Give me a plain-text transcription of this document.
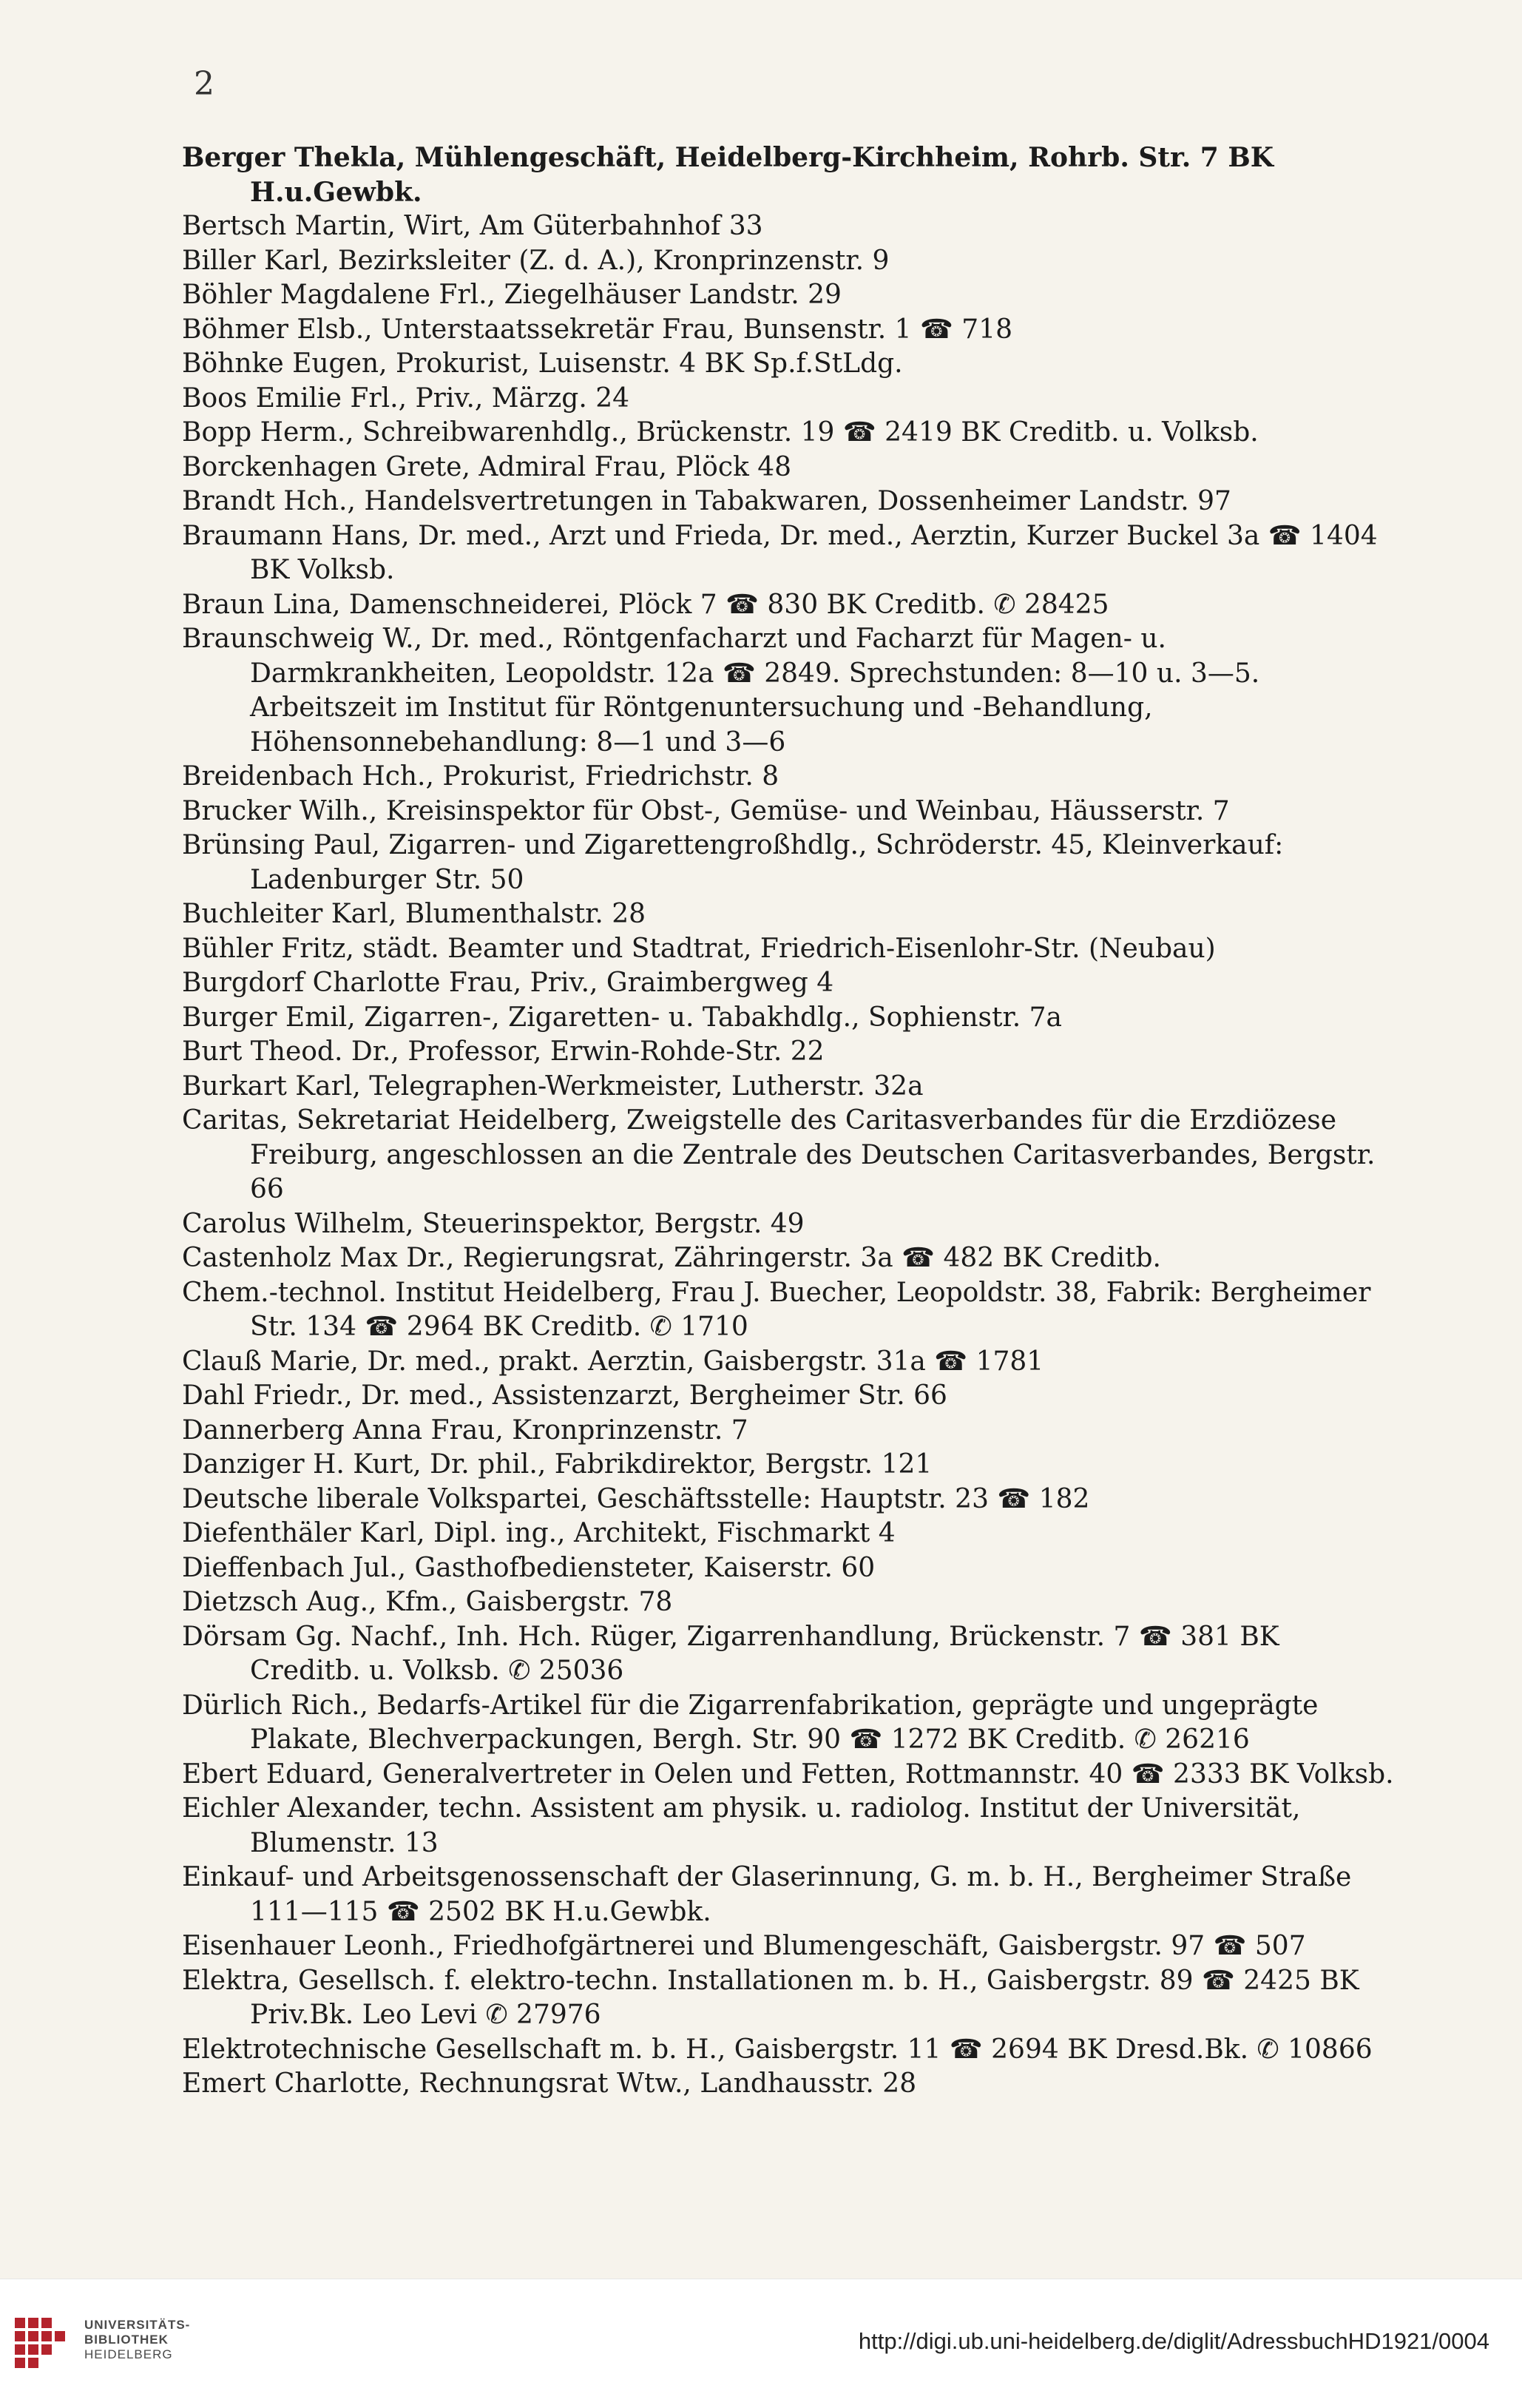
2

Berger Thekla, Mühlengeschäft, Heidelberg-Kirchheim, Rohrb. Str. 7 BK H.u.Gewbk.

Bertsch Martin, Wirt, Am Güterbahnhof 33

Biller Karl, Bezirksleiter (Z. d. A.), Kronprinzenstr. 9

Böhler Magdalene Frl., Ziegelhäuser Landstr. 29

Böhmer Elsb., Unterstaatssekretär Frau, Bunsenstr. 1 ☎ 718

Böhnke Eugen, Prokurist, Luisenstr. 4 BK Sp.f.StLdg.

Boos Emilie Frl., Priv., Märzg. 24

Bopp Herm., Schreibwarenhdlg., Brückenstr. 19 ☎ 2419 BK Creditb. u. Volksb.

Borckenhagen Grete, Admiral Frau, Plöck 48

Brandt Hch., Handelsvertretungen in Tabakwaren, Dossenheimer Landstr. 97

Braumann Hans, Dr. med., Arzt und Frieda, Dr. med., Aerztin, Kurzer Buckel 3a ☎ 1404 BK Volksb.

Braun Lina, Damenschneiderei, Plöck 7 ☎ 830 BK Creditb. ✆ 28425

Braunschweig W., Dr. med., Röntgenfacharzt und Facharzt für Magen- u. Darmkrankheiten, Leopoldstr. 12a ☎ 2849. Sprechstunden: 8—10 u. 3—5. Arbeitszeit im Institut für Röntgenuntersuchung und -Behandlung, Höhensonnebehandlung: 8—1 und 3—6

Breidenbach Hch., Prokurist, Friedrichstr. 8

Brucker Wilh., Kreisinspektor für Obst-, Gemüse- und Weinbau, Häusserstr. 7

Brünsing Paul, Zigarren- und Zigarettengroßhdlg., Schröderstr. 45, Kleinverkauf: Ladenburger Str. 50

Buchleiter Karl, Blumenthalstr. 28

Bühler Fritz, städt. Beamter und Stadtrat, Friedrich-Eisenlohr-Str. (Neubau)

Burgdorf Charlotte Frau, Priv., Graimbergweg 4

Burger Emil, Zigarren-, Zigaretten- u. Tabakhdlg., Sophienstr. 7a

Burt Theod. Dr., Professor, Erwin-Rohde-Str. 22

Burkart Karl, Telegraphen-Werkmeister, Lutherstr. 32a

Caritas, Sekretariat Heidelberg, Zweigstelle des Caritasverbandes für die Erzdiözese Freiburg, angeschlossen an die Zentrale des Deutschen Caritasverbandes, Bergstr. 66

Carolus Wilhelm, Steuerinspektor, Bergstr. 49

Castenholz Max Dr., Regierungsrat, Zähringerstr. 3a ☎ 482 BK Creditb.

Chem.-technol. Institut Heidelberg, Frau J. Buecher, Leopoldstr. 38, Fabrik: Bergheimer Str. 134 ☎ 2964 BK Creditb. ✆ 1710

Clauß Marie, Dr. med., prakt. Aerztin, Gaisbergstr. 31a ☎ 1781

Dahl Friedr., Dr. med., Assistenzarzt, Bergheimer Str. 66

Dannerberg Anna Frau, Kronprinzenstr. 7

Danziger H. Kurt, Dr. phil., Fabrikdirektor, Bergstr. 121

Deutsche liberale Volkspartei, Geschäftsstelle: Hauptstr. 23 ☎ 182

Diefenthäler Karl, Dipl. ing., Architekt, Fischmarkt 4

Dieffenbach Jul., Gasthofbediensteter, Kaiserstr. 60

Dietzsch Aug., Kfm., Gaisbergstr. 78

Dörsam Gg. Nachf., Inh. Hch. Rüger, Zigarrenhandlung, Brückenstr. 7 ☎ 381 BK Creditb. u. Volksb. ✆ 25036

Dürlich Rich., Bedarfs-Artikel für die Zigarrenfabrikation, geprägte und ungeprägte Plakate, Blechverpackungen, Bergh. Str. 90 ☎ 1272 BK Creditb. ✆ 26216

Ebert Eduard, Generalvertreter in Oelen und Fetten, Rottmannstr. 40 ☎ 2333 BK Volksb.

Eichler Alexander, techn. Assistent am physik. u. radiolog. Institut der Universität, Blumenstr. 13

Einkauf- und Arbeitsgenossenschaft der Glaserinnung, G. m. b. H., Bergheimer Straße 111—115 ☎ 2502 BK H.u.Gewbk.

Eisenhauer Leonh., Friedhofgärtnerei und Blumengeschäft, Gaisbergstr. 97 ☎ 507

Elektra, Gesellsch. f. elektro-techn. Installationen m. b. H., Gaisbergstr. 89 ☎ 2425 BK Priv.Bk. Leo Levi ✆ 27976

Elektrotechnische Gesellschaft m. b. H., Gaisbergstr. 11 ☎ 2694 BK Dresd.Bk. ✆ 10866

Emert Charlotte, Rechnungsrat Wtw., Landhausstr. 28

UNIVERSITÄTS-
BIBLIOTHEK
HEIDELBERG
http://digi.ub.uni-heidelberg.de/diglit/AdressbuchHD1921/0004
